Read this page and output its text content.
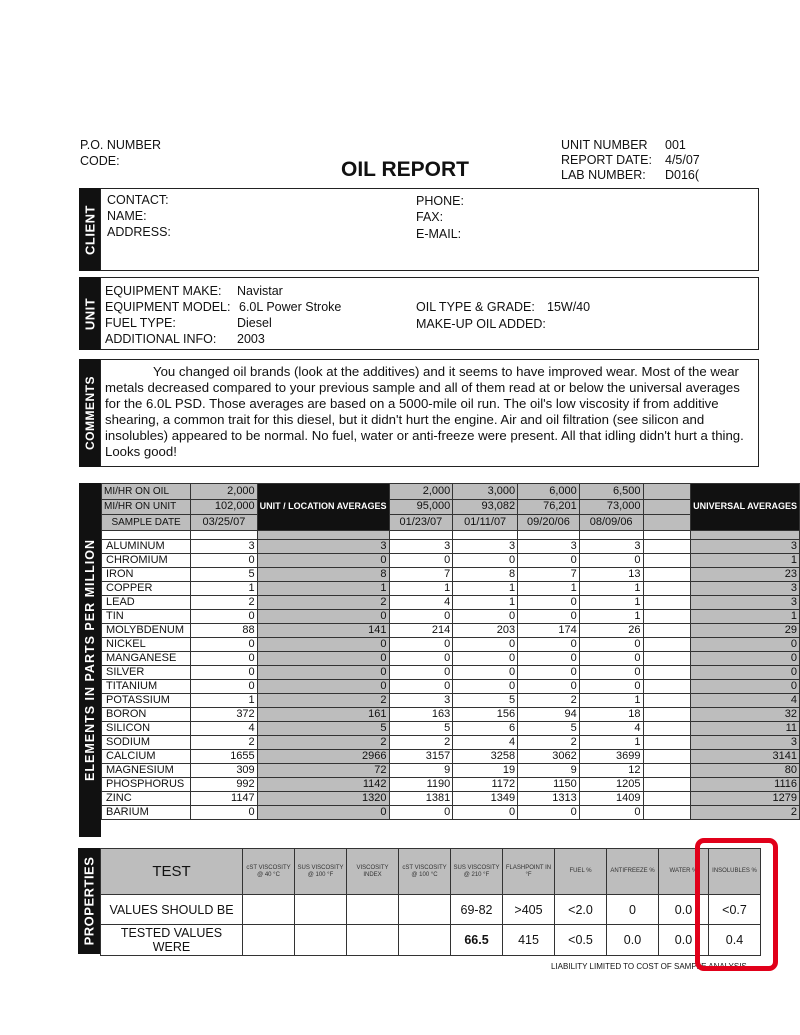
P.O. NUMBER
CODE:	OIL REPORT
UNIT NUMBER 001
REPORT DATE: 4/5/07
LAB NUMBER: D016(
CLIENT
CONTACT:
NAME:
ADDRESS:
PHONE:
FAX:
E-MAIL:
UNIT
EQUIPMENT MAKE: Navistar
EQUIPMENT MODEL: 6.0L Power Stroke
FUEL TYPE:	Diesel
ADDITIONAL INFO: 2003
OIL TYPE & GRADE: 15W/40
MAKE-UP OIL ADDED:
COMMENTS
You changed oil brands (look at the additives) and it seems to have improved wear. Most of the wear metals decreased compared to your previous sample and all of them read at or below the universal averages for the 6.0L PSD. Those averages are based on a 5000-mile oil run. The oil's low viscosity if from additive shearing, a common trait for this diesel, but it didn't hurt the engine. Air and oil filtration (see silicon and insolubles) appeared to be normal. No fuel, water or anti-freeze were present. All that idling didn't hurt a thing. Looks good!
ELEMENTS IN PARTS PER MILLION
MI/HR ON OIL	2,000	UNIT / LOCATION AVERAGES	2,000	3,000	6,000	6,500		UNIVERSAL AVERAGES
MI/HR ON UNIT	102,000		95,000	93,082	76,201	73,000		
SAMPLE DATE	03/25/07		01/23/07	01/11/07	09/20/06	08/09/06		

ALUMINUM	3	3	3	3	3	3		3
CHROMIUM	0	0	0	0	0	0		1
IRON	5	8	7	8	7	13		23
COPPER	1	1	1	1	1	1		3
LEAD	2	2	4	1	0	1		3
TIN	0	0	0	0	0	1		1
MOLYBDENUM	88	141	214	203	174	26		29
NICKEL	0	0	0	0	0	0		0
MANGANESE	0	0	0	0	0	0		0
SILVER	0	0	0	0	0	0		0
TITANIUM	0	0	0	0	0	0		0
POTASSIUM	1	2	3	5	2	1		4
BORON	372	161	163	156	94	18		32
SILICON	4	5	5	6	5	4		11
SODIUM	2	2	2	4	2	1		3
CALCIUM	1655	2966	3157	3258	3062	3699		3141
MAGNESIUM	309	72	9	19	9	12		80
PHOSPHORUS	992	1142	1190	1172	1150	1205		1116
ZINC	1147	1320	1381	1349	1313	1409		1279
BARIUM	0	0	0	0	0	0		2
PROPERTIES	TEST	cST VISCOSITY @ 40 °C	SUS VISCOSITY @ 100 °F	VISCOSITY INDEX	cST VISCOSITY @ 100 °C	SUS VISCOSITY @ 210 °F	FLASHPOINT IN °F	FUEL %	ANTIFREEZE %	WATER %	INSOLUBLES %
VALUES SHOULD BE					69-82	>405	<2.0	0	0.0	<0.7
TESTED VALUES WERE					66.5	415	<0.5	0.0	0.0	0.4
LIABILITY LIMITED TO COST OF SAMPLE ANALYSIS
